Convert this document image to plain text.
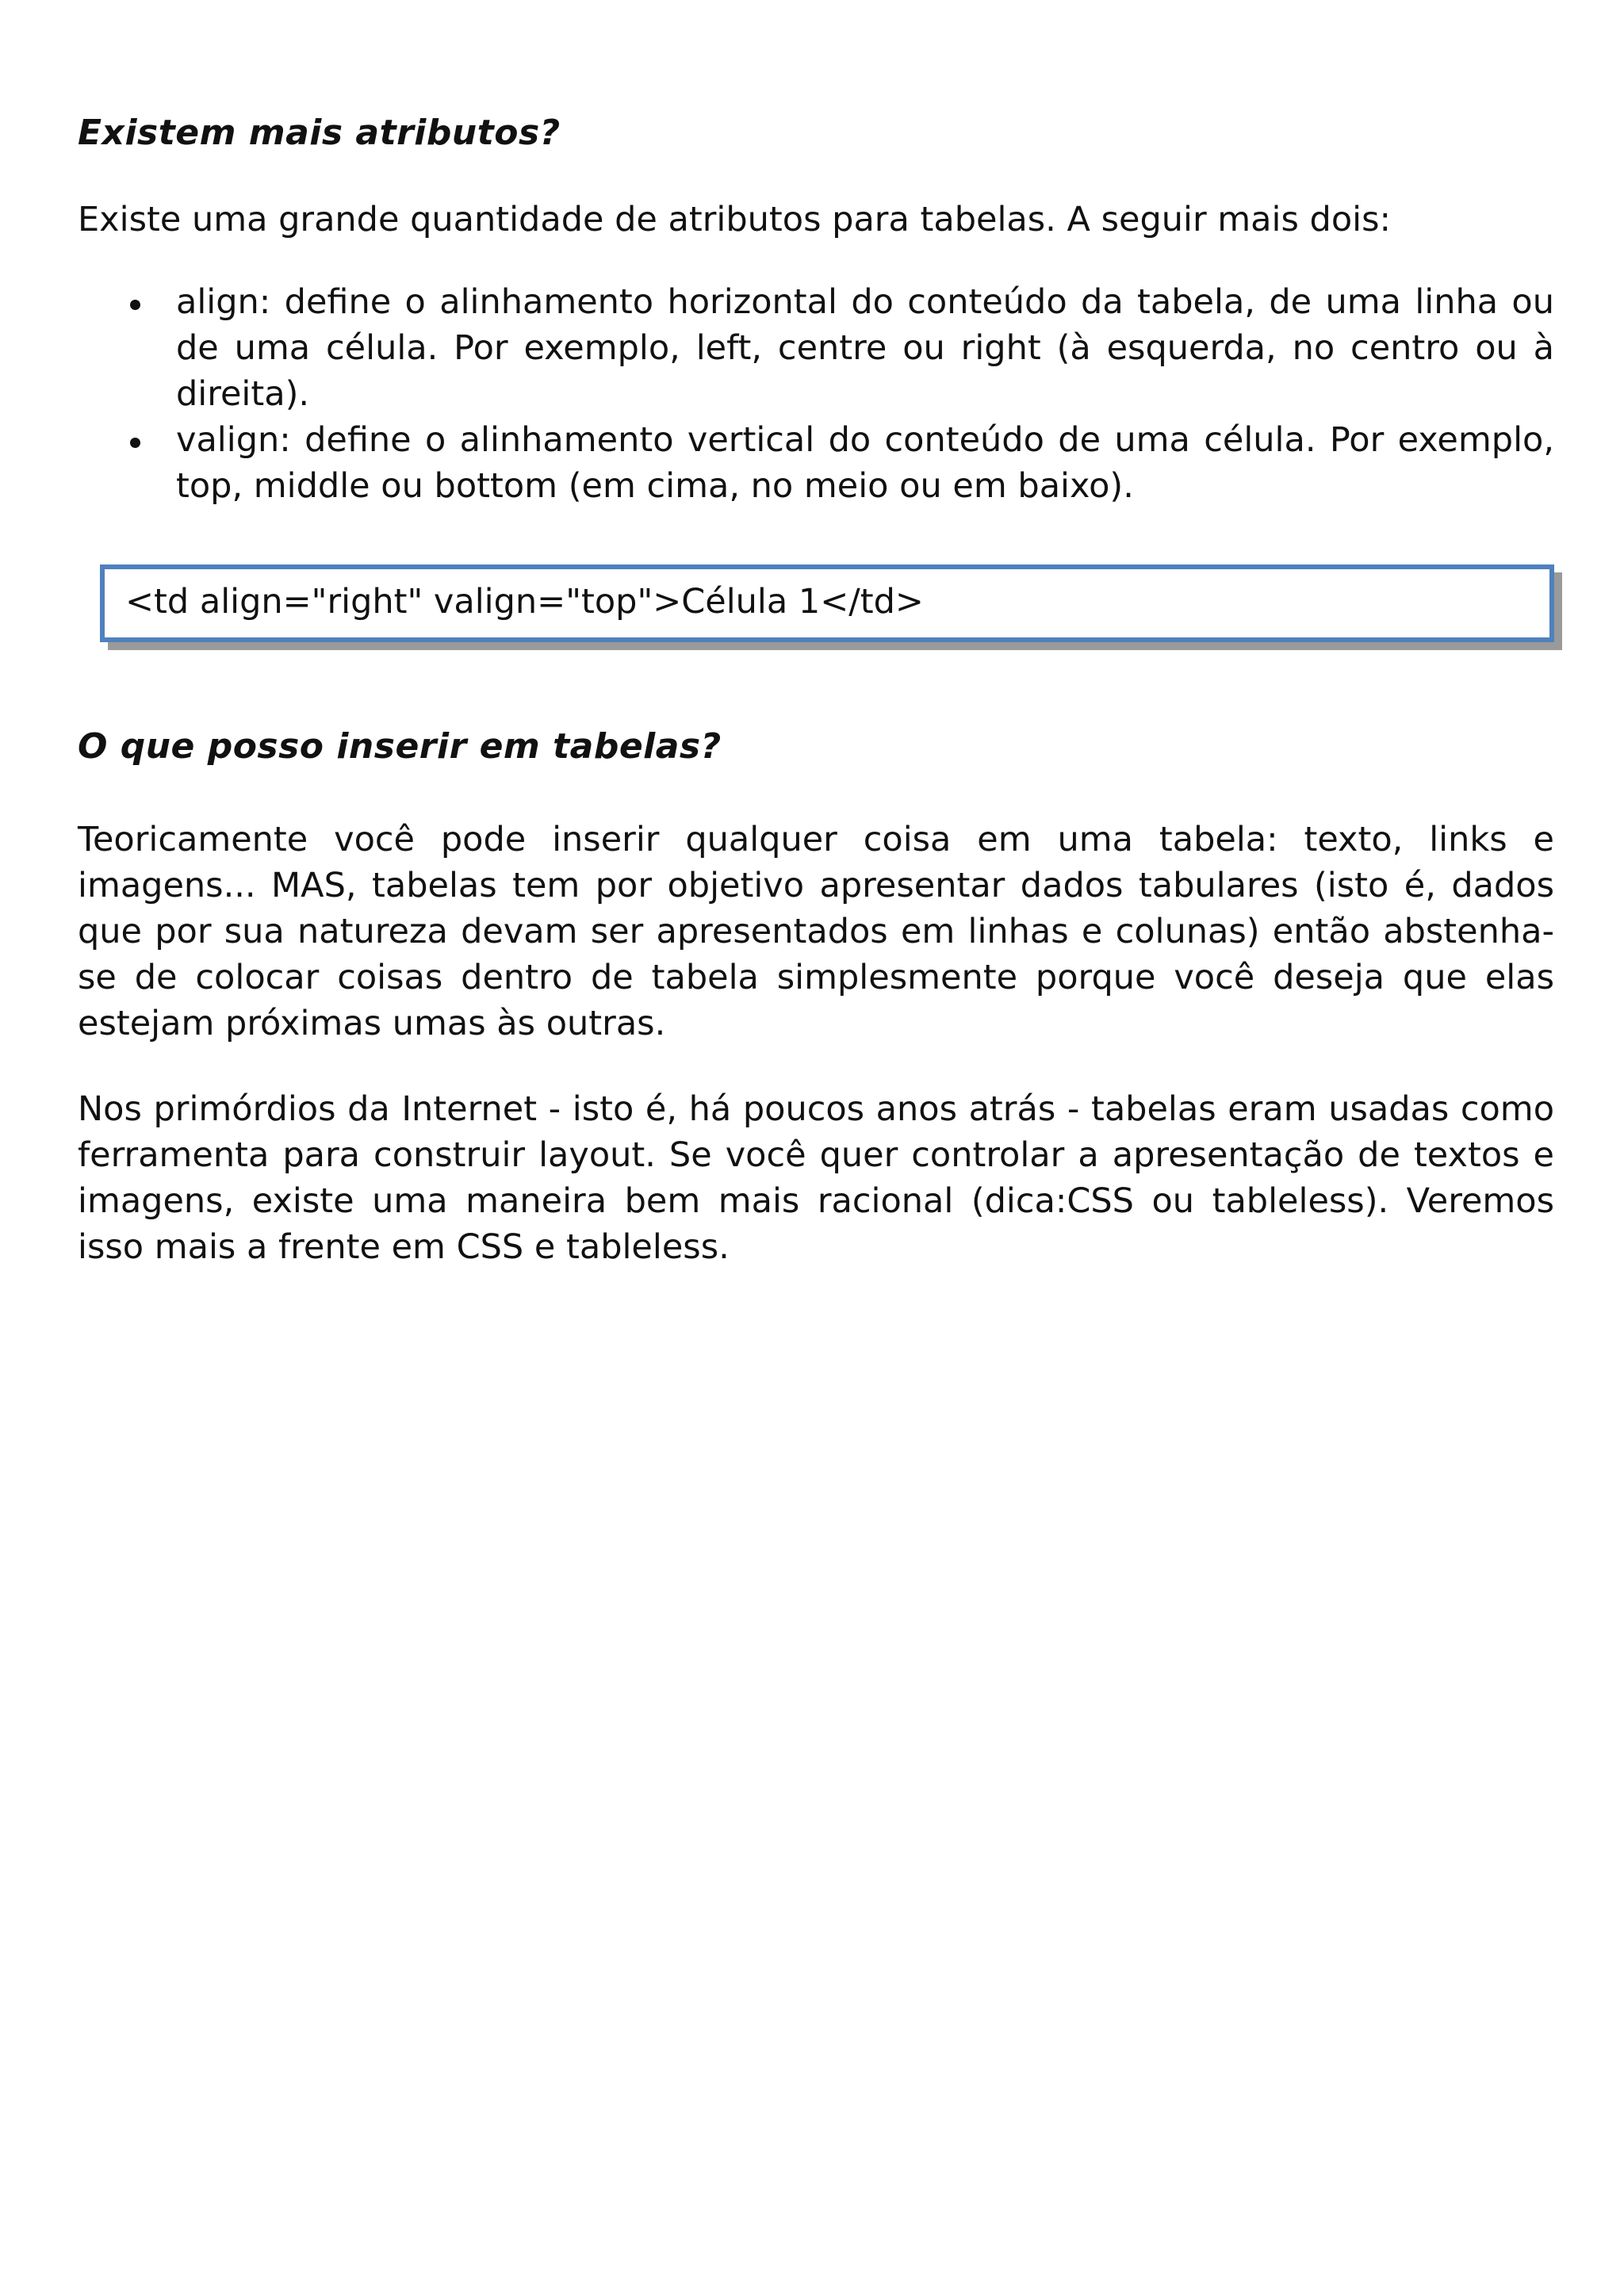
Existem mais atributos?

Existe uma grande quantidade de atributos para tabelas. A seguir mais dois:

align: define o alinhamento horizontal do conteúdo da tabela, de uma linha ou de uma célula. Por exemplo, left, centre ou right (à esquerda, no centro ou à direita).
valign: define o alinhamento vertical do conteúdo de uma célula. Por exemplo, top, middle ou bottom (em cima, no meio ou em baixo).
<td align="right" valign="top">Célula 1</td>
O que posso inserir em tabelas?

Teoricamente você pode inserir qualquer coisa em uma tabela: texto, links e imagens... MAS, tabelas tem por objetivo apresentar dados tabulares (isto é, dados que por sua natureza devam ser apresentados em linhas e colunas) então abstenha-se de colocar coisas dentro de tabela simplesmente porque você deseja que elas estejam próximas umas às outras.

Nos primórdios da Internet - isto é, há poucos anos atrás - tabelas eram usadas como ferramenta para construir layout. Se você quer controlar a apresentação de textos e imagens, existe uma maneira bem mais racional (dica:CSS ou tableless). Veremos isso mais a frente em CSS e tableless.
